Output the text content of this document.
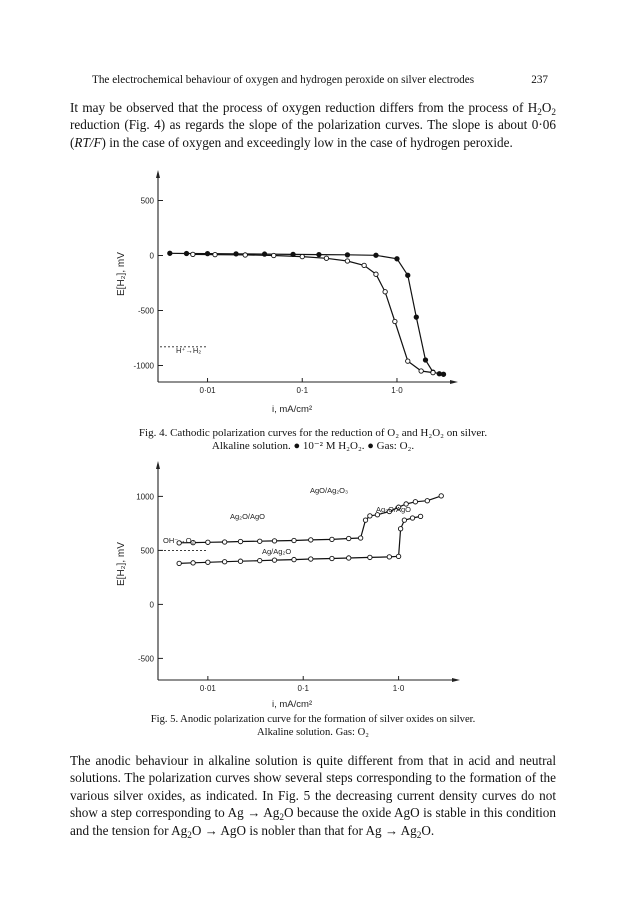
The electrochemical behaviour of oxygen and hydrogen peroxide on silver electrodes	237

It may be observed that the process of oxygen reduction differs from the process of $H_2O_2$ reduction (Fig. 4) as regards the slope of the polarization curves. The slope is about 0·06 (RT/F) in the case of oxygen and exceedingly low in the case of hydrogen peroxide.

500
0
-500
-1000
0·01	0·1	1·0
E[H₂], mV
i, mA/cm²
H⁺→H₂
1000
500
0
-500
0·01	0·1	1·0
E[H₂], mV
i, mA/cm²
Ag₂O/AgO
AgO/Ag₂O₃
Ag₂O/AgO
Ag/Ag₂O
OH⁻→O₂
Fig. 4. Cathodic polarization curves for the reduction of O₂ and H₂O₂ on silver.
Alkaline solution. ● 10⁻² M H₂O₂. ● Gas: O₂.
Fig. 5. Anodic polarization curve for the formation of silver oxides on silver.
Alkaline solution. Gas: O₂

The anodic behaviour in alkaline solution is quite different from that in acid and neutral solutions. The polarization curves show several steps corresponding to the formation of the various silver oxides, as indicated. In Fig. 5 the decreasing current density curves do not show a step corresponding to $Ag \to Ag_2O$ because the oxide AgO is stable in this condition and the tension for $Ag_2O$ → AgO is nobler than that for $Ag \to Ag_2O$.
